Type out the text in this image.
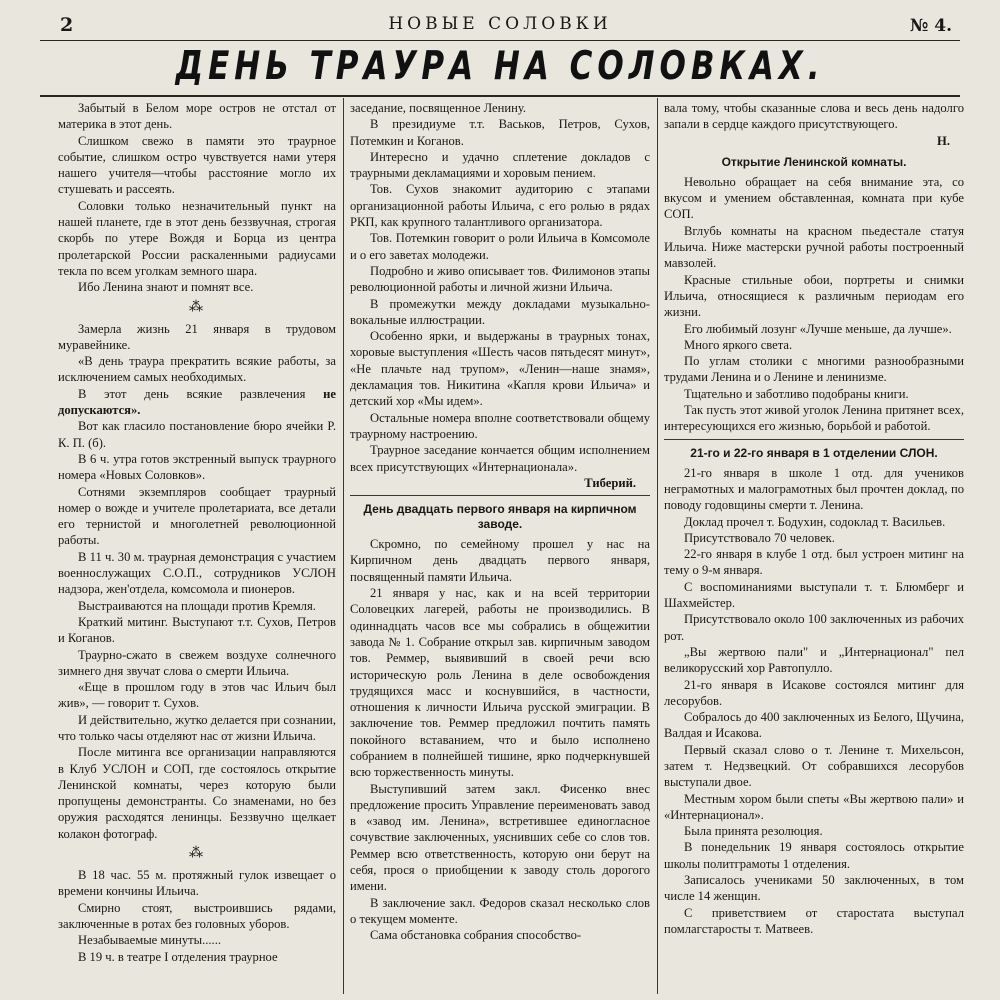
2	НОВЫЕ СОЛОВКИ	№ 4.
ДЕНЬ ТРАУРА НА СОЛОВКАХ.

Забытый в Белом море остров не отстал от материка в этот день.

Слишком свежо в памяти это траурное событие, слишком остро чувствуется нами утеря нашего учителя—чтобы расстояние могло их стушевать и рассеять.

Соловки только незначительный пункт на нашей планете, где в этот день беззвучная, строгая скорбь по утере Вождя и Борца из центра пролетарской России раскаленными радиусами текла по всем уголкам земного шара.

Ибо Ленина знают и помнят все.

⁂

Замерла жизнь 21 января в трудовом муравейнике.

«В день траура прекратить всякие работы, за исключением самых необходимых.

В этот день всякие развлечения не допускаются».

Вот как гласило постановление бюро ячейки Р. К. П. (б).

В 6 ч. утра готов экстренный выпуск траурного номера «Новых Соловков».

Сотнями экземпляров сообщает траурный номер о вожде и учителе пролетариата, все детали его тернистой и многолетней революционной работы.

В 11 ч. 30 м. траурная демонстрация с участием военнослужащих С.О.П., сотрудников УСЛОН надзора, жен'отдела, комсомола и пионеров.

Выстраиваются на площади против Кремля.

Краткий митинг. Выступают т.т. Сухов, Петров и Коганов.

Траурно-сжато в свежем воздухе солнечного зимнего дня звучат слова о смерти Ильича.

«Еще в прошлом году в этов час Ильич был жив», — говорит т. Сухов.

И действительно, жутко делается при сознании, что только часы отделяют нас от жизни Ильича.

После митинга все организации направляются в Клуб УСЛОН и СОП, где состоялось открытие Ленинской комнаты, через которую были пропущены демонстранты. Со знаменами, но без оружия расходятся ленинцы. Беззвучно щелкает колакон фотограф.

⁂

В 18 час. 55 м. протяжный гулок извещает о времени кончины Ильича.

Смирно стоят, выстроившись рядами, заключенные в ротах без головных уборов.

Незабываемые минуты......

В 19 ч. в театре I отделения траурное

заседание, посвященное Ленину.

В президиуме т.т. Васьков, Петров, Сухов, Потемкин и Коганов.

Интересно и удачно сплетение докладов с траурными декламациями и хоровым пением.

Тов. Сухов знакомит аудиторию с этапами организационной работы Ильича, с его ролью в рядах РКП, как крупного талантливого организатора.

Тов. Потемкин говорит о роли Ильича в Комсомоле и о его заветах молодежи.

Подробно и живо описывает тов. Филимонов этапы революционной работы и личной жизни Ильича.

В промежутки между докладами музыкально-вокальные иллюстрации.

Особенно ярки, и выдержаны в траурных тонах, хоровые выступления «Шесть часов пятьдесят минут», «Не плачьте над трупом», «Ленин—наше знамя», декламация тов. Никитина «Капля крови Ильича» и детский хор «Мы идем».

Остальные номера вполне соответствовали общему траурному настроению.

Траурное заседание кончается общим исполнением всех присутствующих «Интернационала».

Тиберий.

День двадцать первого января на кирпичном заводе.

Скромно, по семейному прошел у нас на Кирпичном день двадцать первого января, посвященный памяти Ильича.

21 января у нас, как и на всей территории Соловецких лагерей, работы не производились. В одиннадцать часов все мы собрались в общежитии завода № 1. Собрание открыл зав. кирпичным заводом тов. Реммер, выявивший в своей речи всю историческую роль Ленина в деле освобождения трудящихся масс и коснувшийся, в частности, отношения к личности Ильича русской эмиграции. В заключение тов. Реммер предложил почтить память покойного вставанием, что и было исполнено собранием в полнейшей тишине, ярко подчеркнувшей всю торжественность минуты.

Выступивший затем закл. Фисенко внес предложение просить Управление переименовать завод в «завод им. Ленина», встретившее единогласное сочувствие заключенных, уяснивших себе со слов тов. Реммер всю ответственность, которую они берут на себя, прося о приобщении к заводу столь дорогого имени.

В заключение закл. Федоров сказал несколько слов о текущем моменте.

Сама обстановка собрания способство-

вала тому, чтобы сказанные слова и весь день надолго запали в сердце каждого присутствующего.

Н.

Открытие Ленинской комнаты.

Невольно обращает на себя внимание эта, со вкусом и умением обставленная, комната при кубе СОП.

Вглубь комнаты на красном пьедестале статуя Ильича. Ниже мастерски ручной работы построенный мавзолей.

Красные стильные обои, портреты и снимки Ильича, относящиеся к различным периодам его жизни.

Его любимый лозунг «Лучше меньше, да лучше».

Много яркого света.

По углам столики с многими разнообразными трудами Ленина и о Ленине и ленинизме.

Тщательно и заботливо подобраны книги.

Так пусть этот живой уголок Ленина притянет всех, интересующихся его жизнью, борьбой и работой.

21-го и 22-го января в 1 отделении СЛОН.

21-го января в школе 1 отд. для учеников неграмотных и малограмотных был прочтен доклад, по поводу годовщины смерти т. Ленина.

Доклад прочел т. Бодухин, содоклад т. Васильев.

Присутствовало 70 человек.

22-го января в клубе 1 отд. был устроен митинг на тему о 9-м января.

С воспоминаниями выступали т. т. Блюмберг и Шахмейстер.

Присутствовало около 100 заключенных из рабочих рот.

„Вы жертвою пали" и „Интернационал" пел великорусский хор Равтопулло.

21-го января в Исакове состоялся митинг для лесорубов.

Собралось до 400 заключенных из Белого, Щучина, Валдая и Исакова.

Первый сказал слово о т. Ленине т. Михельсон, затем т. Недзвецкий. От собравшихся лесорубов выступали двое.

Местным хором были спеты «Вы жертвою пали» и «Интернационал».

Была принята резолюция.

В понедельник 19 января состоялось открытие школы политграмоты 1 отделения.

Записалось учениками 50 заключенных, в том числе 14 женщин.

С приветствием от старостата выступал помлагстаросты т. Матвеев.
